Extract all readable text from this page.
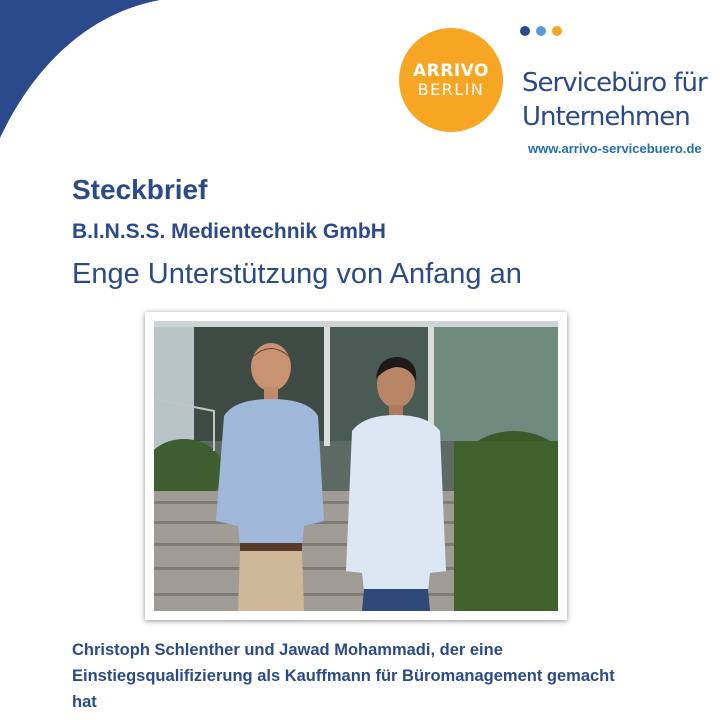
ARRIVO
BERLIN Servicebüro für
Unternehmen
www.arrivo-servicebuero.de
Steckbrief
B.I.N.S.S. Medientechnik GmbH
Enge Unterstützung von Anfang an
Christoph Schlenther und Jawad Mohammadi, der eine Einstiegsqualifizierung als Kauffmann für Büromanagement gemacht hat
